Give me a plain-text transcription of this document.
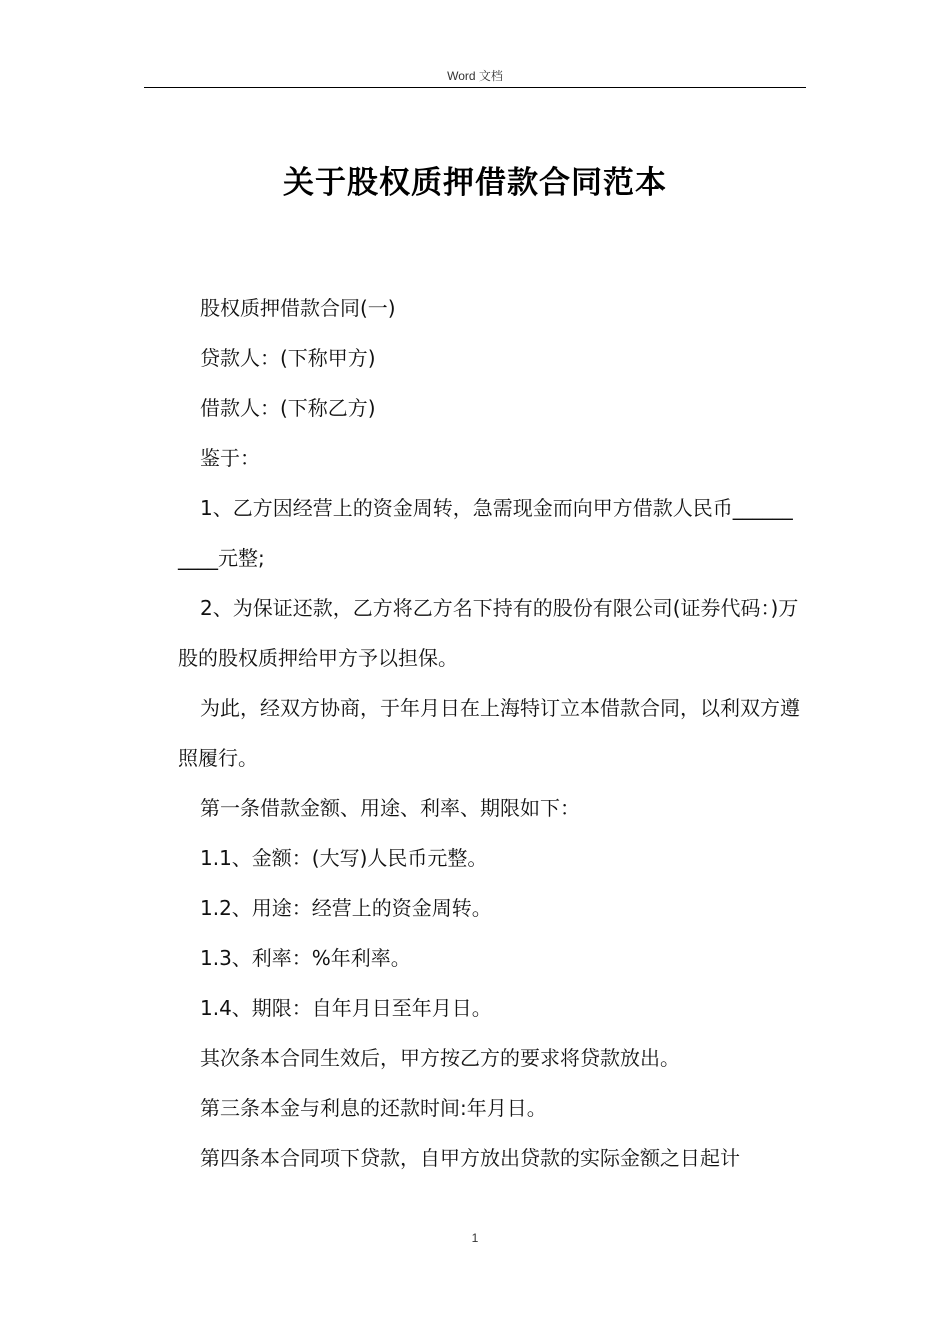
Word 文档
关于股权质押借款合同范本

股权质押借款合同(一)

贷款人：(下称甲方)

借款人：(下称乙方)

鉴于：

1、乙方因经营上的资金周转，急需现金而向甲方借款人民币__________元整;

2、为保证还款，乙方将乙方名下持有的股份有限公司(证券代码：)万股的股权质押给甲方予以担保。

为此，经双方协商，于年月日在上海特订立本借款合同，以利双方遵照履行。

第一条借款金额、用途、利率、期限如下：

1.1、金额：(大写)人民币元整。

1.2、用途：经营上的资金周转。

1.3、利率：%年利率。

1.4、期限：自年月日至年月日。

其次条本合同生效后，甲方按乙方的要求将贷款放出。

第三条本金与利息的还款时间:年月日。

第四条本合同项下贷款，自甲方放出贷款的实际金额之日起计

1
